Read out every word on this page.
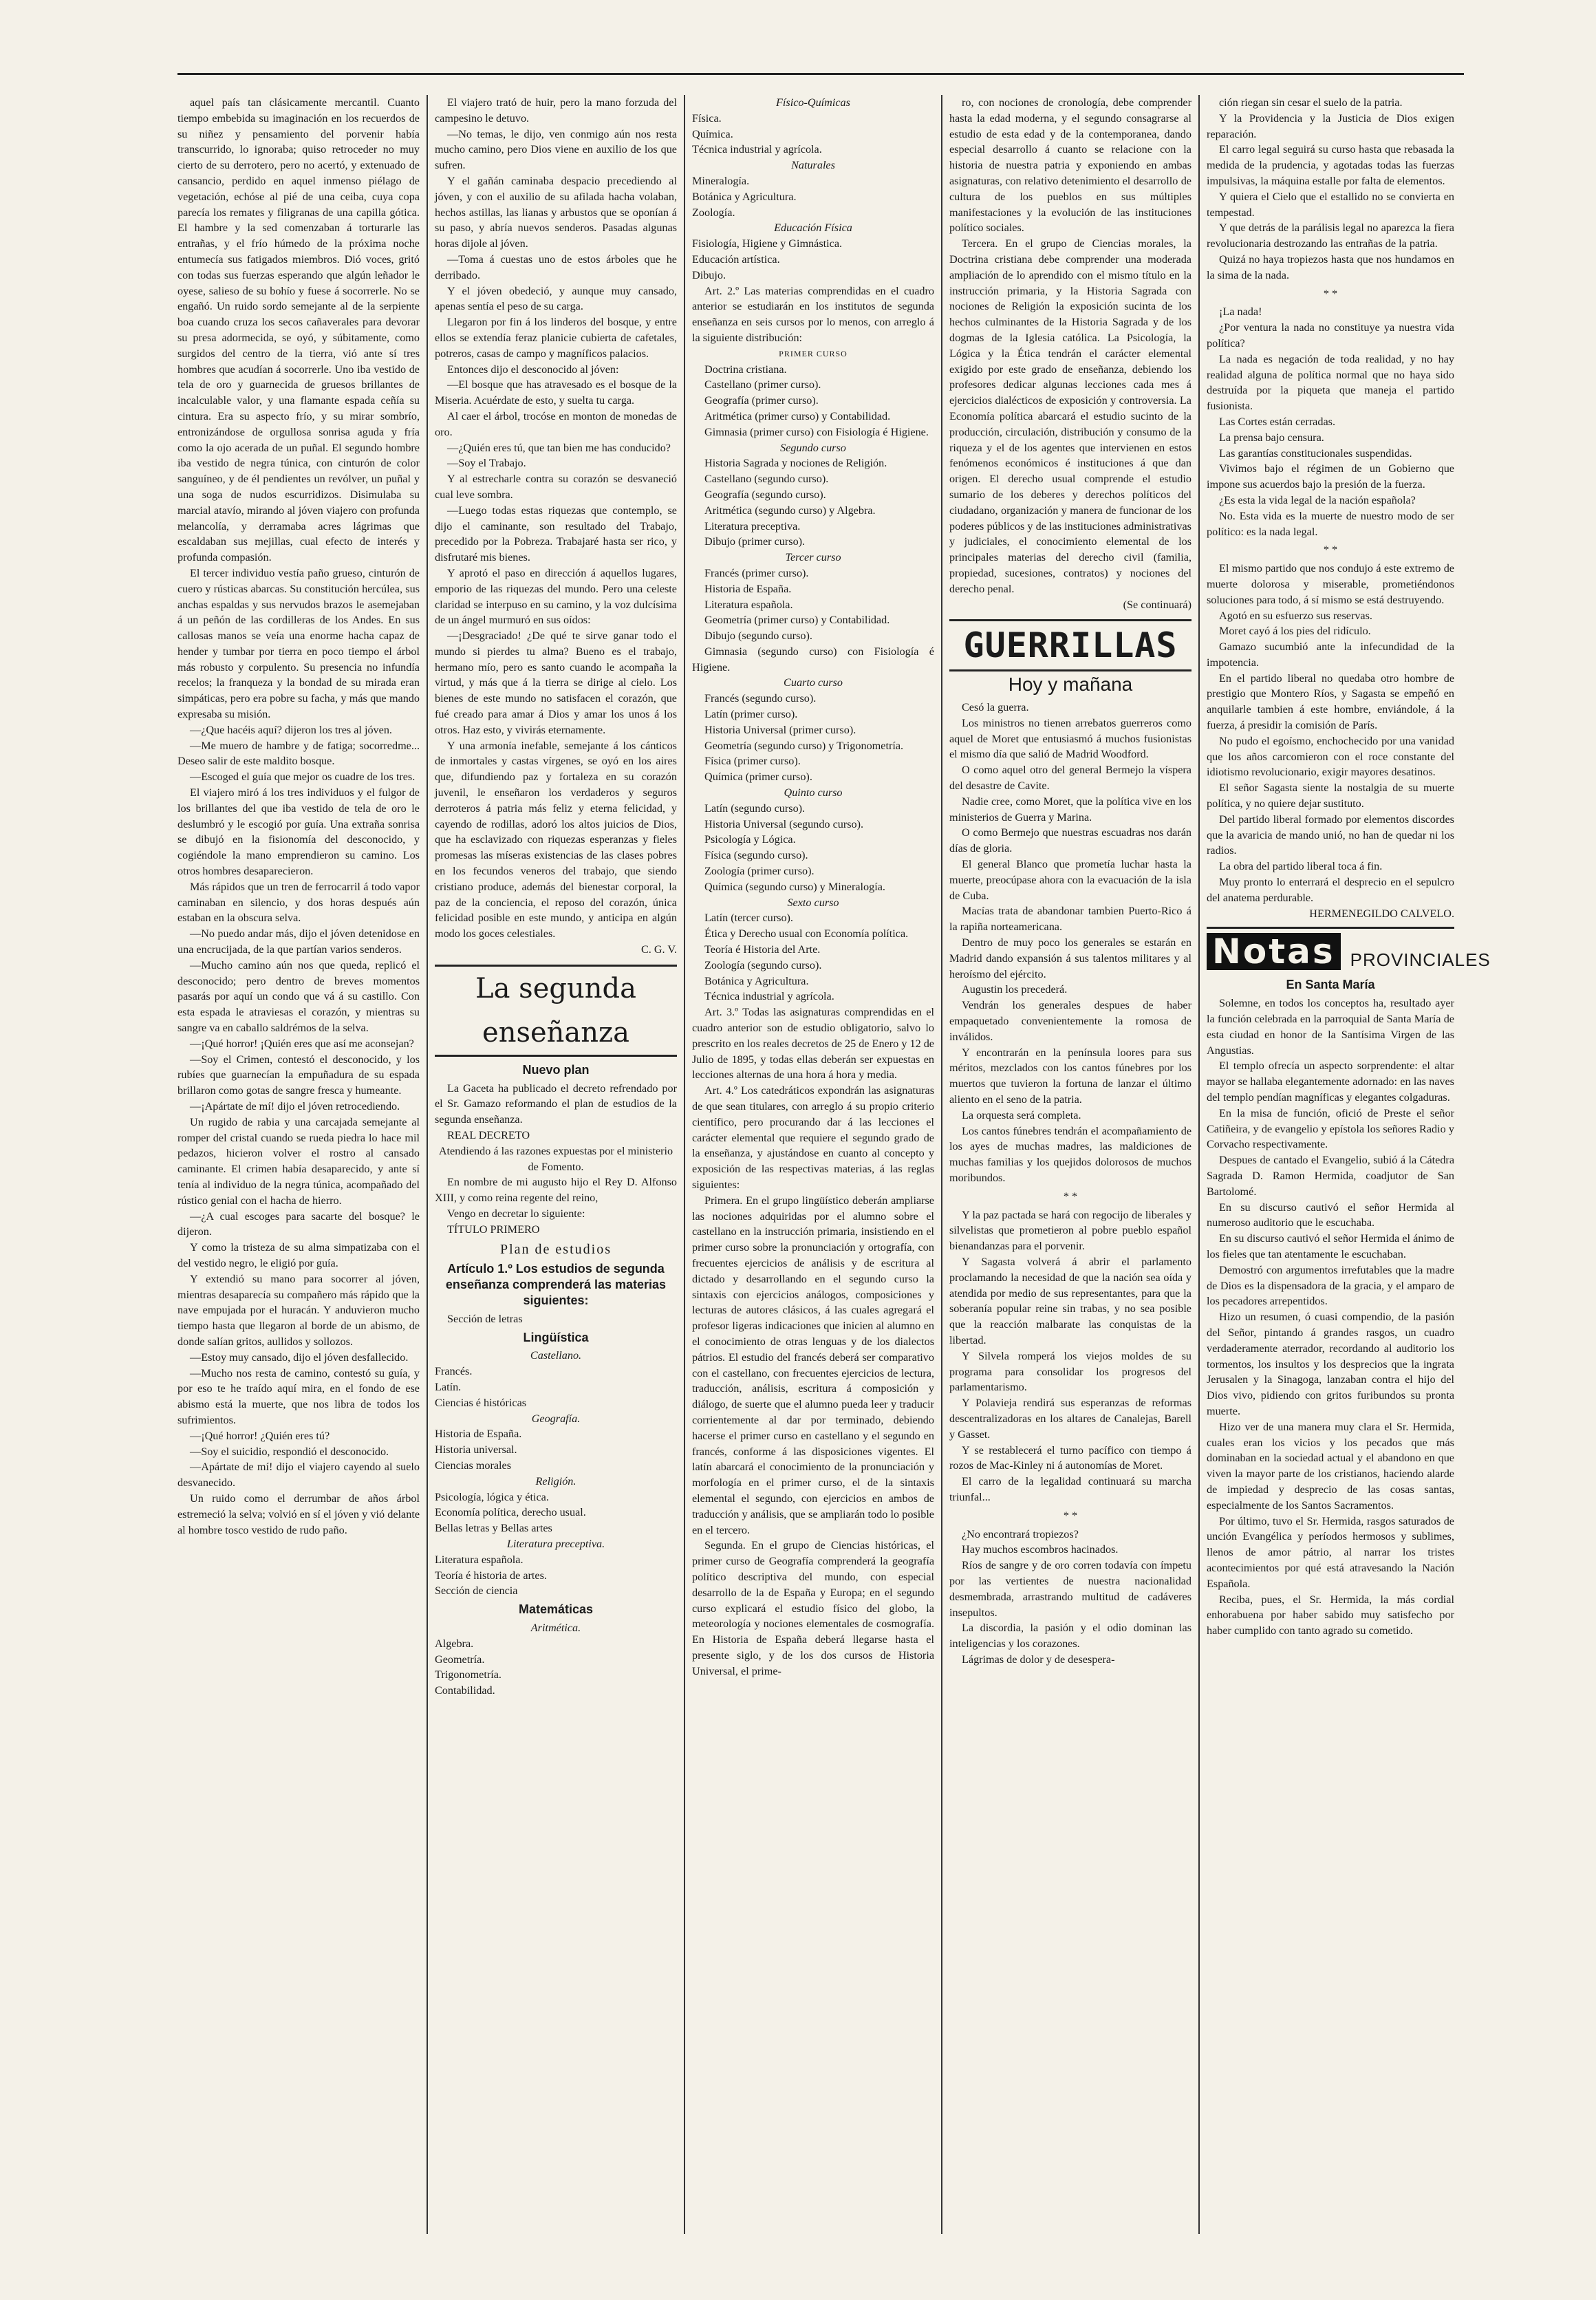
aquel país tan clásicamente mercantil. Cuanto tiempo embebida su imaginación en los recuerdos de su niñez y pensamiento del porvenir había transcurrido, lo ignoraba; quiso retroceder no muy cierto de su derrotero, pero no acertó, y extenuado de cansancio, perdido en aquel inmenso piélago de vegetación, echóse al pié de una ceiba, cuya copa parecía los remates y filigranas de una capilla gótica. El hambre y la sed comenzaban á torturarle las entrañas, y el frío húmedo de la próxima noche entumecía sus fatigados miembros. Dió voces, gritó con todas sus fuerzas esperando que algún leñador le oyese, salieso de su bohío y fuese á socorrerle. No se engañó. Un ruido sordo semejante al de la serpiente boa cuando cruza los secos cañaverales para devorar su presa adormecida, se oyó, y súbitamente, como surgidos del centro de la tierra, vió ante sí tres hombres que acudían á socorrerle. Uno iba vestido de tela de oro y guarnecida de gruesos brillantes de incalculable valor, y una flamante espada ceñía su cintura. Era su aspecto frío, y su mirar sombrío, entronizándose de orgullosa sonrisa aguda y fría como la ojo acerada de un puñal. El segundo hombre iba vestido de negra túnica, con cinturón de color sanguíneo, y de él pendientes un revólver, un puñal y una soga de nudos escurridizos. Disimulaba su marcial atavío, mirando al jóven viajero con profunda melancolía, y derramaba acres lágrimas que escaldaban sus mejillas, cual efecto de interés y profunda compasión.

El tercer individuo vestía paño grueso, cinturón de cuero y rústicas abarcas. Su constitución hercúlea, sus anchas espaldas y sus nervudos brazos le asemejaban á un peñón de las cordilleras de los Andes. En sus callosas manos se veía una enorme hacha capaz de hender y tumbar por tierra en poco tiempo el árbol más robusto y corpulento. Su presencia no infundía recelos; la franqueza y la bondad de su mirada eran simpáticas, pero era pobre su facha, y más que mando expresaba su misión.

—¿Que hacéis aquí? dijeron los tres al jóven.

—Me muero de hambre y de fatiga; socorredme... Deseo salir de este maldito bosque.

—Escoged el guía que mejor os cuadre de los tres.

El viajero miró á los tres individuos y el fulgor de los brillantes del que iba vestido de tela de oro le deslumbró y le escogió por guía. Una extraña sonrisa se dibujó en la fisionomía del desconocido, y cogiéndole la mano emprendieron su camino. Los otros hombres desaparecieron.

Más rápidos que un tren de ferrocarril á todo vapor caminaban en silencio, y dos horas después aún estaban en la obscura selva.

—No puedo andar más, dijo el jóven detenidose en una encrucijada, de la que partían varios senderos.

—Mucho camino aún nos que queda, replicó el desconocido; pero dentro de breves momentos pasarás por aquí un condo que vá á su castillo. Con esta espada le atraviesas el corazón, y mientras su sangre va en caballo saldrémos de la selva.

—¡Qué horror! ¡Quién eres que así me aconsejan?

—Soy el Crimen, contestó el desconocido, y los rubíes que guarnecían la empuñadura de su espada brillaron como gotas de sangre fresca y humeante.

—¡Apártate de mí! dijo el jóven retrocediendo.

Un rugido de rabia y una carcajada semejante al romper del cristal cuando se rueda piedra lo hace mil pedazos, hicieron volver el rostro al cansado caminante. El crimen había desaparecido, y ante sí tenía al individuo de la negra túnica, acompañado del rústico genial con el hacha de hierro.

—¿A cual escoges para sacarte del bosque? le dijeron.

Y como la tristeza de su alma simpatizaba con el del vestido negro, le eligió por guía.

Y extendió su mano para socorrer al jóven, mientras desaparecía su compañero más rápido que la nave empujada por el huracán. Y anduvieron mucho tiempo hasta que llegaron al borde de un abismo, de donde salían gritos, aullidos y sollozos.

—Estoy muy cansado, dijo el jóven desfallecido.

—Mucho nos resta de camino, contestó su guía, y por eso te he traído aquí mira, en el fondo de ese abismo está la muerte, que nos libra de todos los sufrimientos.

—¡Qué horror! ¿Quién eres tú?

—Soy el suicidio, respondió el desconocido.

—Apártate de mí! dijo el viajero cayendo al suelo desvanecido.

Un ruido como el derrumbar de años árbol estremeció la selva; volvió en sí el jóven y vió delante al hombre tosco vestido de rudo paño.

El viajero trató de huir, pero la mano forzuda del campesino le detuvo.

—No temas, le dijo, ven conmigo aún nos resta mucho camino, pero Dios viene en auxilio de los que sufren.

Y el gañán caminaba despacio precediendo al jóven, y con el auxilio de su afilada hacha volaban, hechos astillas, las lianas y arbustos que se oponían á su paso, y abría nuevos senderos. Pasadas algunas horas dijole al jóven.

—Toma á cuestas uno de estos árboles que he derribado.

Y el jóven obedeció, y aunque muy cansado, apenas sentía el peso de su carga.

Llegaron por fin á los linderos del bosque, y entre ellos se extendía feraz planicie cubierta de cafetales, potreros, casas de campo y magníficos palacios.

Entonces dijo el desconocido al jóven:

—El bosque que has atravesado es el bosque de la Miseria. Acuérdate de esto, y suelta tu carga.

Al caer el árbol, trocóse en monton de monedas de oro.

—¿Quién eres tú, que tan bien me has conducido?

—Soy el Trabajo.

Y al estrecharle contra su corazón se desvaneció cual leve sombra.

—Luego todas estas riquezas que contemplo, se dijo el caminante, son resultado del Trabajo, precedido por la Pobreza. Trabajaré hasta ser rico, y disfrutaré mis bienes.

Y aprotó el paso en dirección á aquellos lugares, emporio de las riquezas del mundo. Pero una celeste claridad se interpuso en su camino, y la voz dulcísima de un ángel murmuró en sus oídos:

—¡Desgraciado! ¿De qué te sirve ganar todo el mundo si pierdes tu alma? Bueno es el trabajo, hermano mío, pero es santo cuando le acompaña la virtud, y más que á la tierra se dirige al cielo. Los bienes de este mundo no satisfacen el corazón, que fué creado para amar á Dios y amar los unos á los otros. Haz esto, y vivirás eternamente.

Y una armonía inefable, semejante á los cánticos de inmortales y castas vírgenes, se oyó en los aires que, difundiendo paz y fortaleza en su corazón juvenil, le enseñaron los verdaderos y seguros derroteros á patria más feliz y eterna felicidad, y cayendo de rodillas, adoró los altos juicios de Dios, que ha esclavizado con riquezas esperanzas y fieles promesas las míseras existencias de las clases pobres en los fecundos veneros del trabajo, que siendo cristiano produce, además del bienestar corporal, la paz de la conciencia, el reposo del corazón, única felicidad posible en este mundo, y anticipa en algún modo los goces celestiales.

C. G. V.

La segunda enseñanza

Nuevo plan

La Gaceta ha publicado el decreto refrendado por el Sr. Gamazo reformando el plan de estudios de la segunda enseñanza.

REAL DECRETO

Atendiendo á las razones expuestas por el ministerio de Fomento.

En nombre de mi augusto hijo el Rey D. Alfonso XIII, y como reina regente del reino,

Vengo en decretar lo siguiente:

TÍTULO PRIMERO

Plan de estudios

Artículo 1.º Los estudios de segunda enseñanza comprenderá las materias siguientes:

Sección de letras

Lingüística

Castellano.

Francés.

Latín.

Ciencias é históricas

Geografía.

Historia de España.

Historia universal.

Ciencias morales

Religión.

Psicología, lógica y ética.

Economía política, derecho usual.

Bellas letras y Bellas artes

Literatura preceptiva.

Literatura española.

Teoría é historia de artes.

Sección de ciencia

Matemáticas

Aritmética.

Algebra.

Geometría.

Trigonometría.

Contabilidad.

Físico-Químicas

Física.

Química.

Técnica industrial y agrícola.

Naturales

Mineralogía.

Botánica y Agricultura.

Zoología.

Educación Física

Fisiología, Higiene y Gimnástica.

Educación artística.

Dibujo.

Art. 2.º Las materias comprendidas en el cuadro anterior se estudiarán en los institutos de segunda enseñanza en seis cursos por lo menos, con arreglo á la siguiente distribución:

PRIMER CURSO

Doctrina cristiana.

Castellano (primer curso).

Geografía (primer curso).

Aritmética (primer curso) y Contabilidad.

Gimnasia (primer curso) con Fisiología é Higiene.

Segundo curso

Historia Sagrada y nociones de Religión.

Castellano (segundo curso).

Geografía (segundo curso).

Aritmética (segundo curso) y Algebra.

Literatura preceptiva.

Dibujo (primer curso).

Tercer curso

Francés (primer curso).

Historia de España.

Literatura española.

Geometría (primer curso) y Contabilidad.

Dibujo (segundo curso).

Gimnasia (segundo curso) con Fisiología é Higiene.

Cuarto curso

Francés (segundo curso).

Latín (primer curso).

Historia Universal (primer curso).

Geometría (segundo curso) y Trigonometría.

Física (primer curso).

Química (primer curso).

Quinto curso

Latín (segundo curso).

Historia Universal (segundo curso).

Psicología y Lógica.

Física (segundo curso).

Zoología (primer curso).

Química (segundo curso) y Mineralogía.

Sexto curso

Latín (tercer curso).

Ética y Derecho usual con Economía política.

Teoría é Historia del Arte.

Zoología (segundo curso).

Botánica y Agricultura.

Técnica industrial y agrícola.

Art. 3.º Todas las asignaturas comprendidas en el cuadro anterior son de estudio obligatorio, salvo lo prescrito en los reales decretos de 25 de Enero y 12 de Julio de 1895, y todas ellas deberán ser expuestas en lecciones alternas de una hora á hora y media.

Art. 4.º Los catedráticos expondrán las asignaturas de que sean titulares, con arreglo á su propio criterio científico, pero procurando dar á las lecciones el carácter elemental que requiere el segundo grado de la enseñanza, y ajustándose en cuanto al concepto y exposición de las respectivas materias, á las reglas siguientes:

Primera. En el grupo lingüístico deberán ampliarse las nociones adquiridas por el alumno sobre el castellano en la instrucción primaria, insistiendo en el primer curso sobre la pronunciación y ortografía, con frecuentes ejercicios de análisis y de escritura al dictado y desarrollando en el segundo curso la sintaxis con ejercicios análogos, composiciones y lecturas de autores clásicos, á las cuales agregará el profesor ligeras indicaciones que inicien al alumno en el conocimiento de otras lenguas y de los dialectos pátrios. El estudio del francés deberá ser comparativo con el castellano, con frecuentes ejercicios de lectura, traducción, análisis, escritura á composición y diálogo, de suerte que el alumno pueda leer y traducir corrientemente al dar por terminado, debiendo hacerse el primer curso en castellano y el segundo en francés, conforme á las disposiciones vigentes. El latín abarcará el conocimiento de la pronunciación y morfología en el primer curso, el de la sintaxis elemental el segundo, con ejercicios en ambos de traducción y análisis, que se ampliarán todo lo posible en el tercero.

Segunda. En el grupo de Ciencias históricas, el primer curso de Geografía comprenderá la geografía político descriptiva del mundo, con especial desarrollo de la de España y Europa; en el segundo curso explicará el estudio físico del globo, la meteorología y nociones elementales de cosmografía. En Historia de España deberá llegarse hasta el presente siglo, y de los dos cursos de Historia Universal, el prime-

ro, con nociones de cronología, debe comprender hasta la edad moderna, y el segundo consagrarse al estudio de esta edad y de la contemporanea, dando especial desarrollo á cuanto se relacione con la historia de nuestra patria y exponiendo en ambas asignaturas, con relativo detenimiento el desarrollo de cultura de los pueblos en sus múltiples manifestaciones y la evolución de las instituciones político sociales.

Tercera. En el grupo de Ciencias morales, la Doctrina cristiana debe comprender una moderada ampliación de lo aprendido con el mismo título en la instrucción primaria, y la Historia Sagrada con nociones de Religión la exposición sucinta de los hechos culminantes de la Historia Sagrada y de los dogmas de la Iglesia católica. La Psicología, la Lógica y la Ética tendrán el carácter elemental exigido por este grado de enseñanza, debiendo los profesores dedicar algunas lecciones cada mes á ejercicios dialécticos de exposición y controversia. La Economía política abarcará el estudio sucinto de la producción, circulación, distribución y consumo de la riqueza y el de los agentes que intervienen en estos fenómenos económicos é instituciones á que dan origen. El derecho usual comprende el estudio sumario de los deberes y derechos políticos del ciudadano, organización y manera de funcionar de los poderes públicos y de las instituciones administrativas y judiciales, el conocimiento elemental de los principales materias del derecho civil (familia, propiedad, sucesiones, contratos) y nociones del derecho penal.

(Se continuará)

GUERRILLAS
Hoy y mañana

Cesó la guerra.

Los ministros no tienen arrebatos guerreros como aquel de Moret que entusiasmó á muchos fusionistas el mismo día que salió de Madrid Woodford.

O como aquel otro del general Bermejo la víspera del desastre de Cavite.

Nadie cree, como Moret, que la política vive en los ministerios de Guerra y Marina.

O como Bermejo que nuestras escuadras nos darán días de gloria.

El general Blanco que prometía luchar hasta la muerte, preocúpase ahora con la evacuación de la isla de Cuba.

Macías trata de abandonar tambien Puerto-Rico á la rapiña norteamericana.

Dentro de muy poco los generales se estarán en Madrid dando expansión á sus talentos militares y al heroísmo del ejército.

Augustin los precederá.

Vendrán los generales despues de haber empaquetado convenientemente la romosa de inválidos.

Y encontrarán en la península loores para sus méritos, mezclados con los cantos fúnebres por los muertos que tuvieron la fortuna de lanzar el último aliento en el seno de la patria.

La orquesta será completa.

Los cantos fúnebres tendrán el acompañamiento de los ayes de muchas madres, las maldiciones de muchas familias y los quejidos dolorosos de muchos moribundos.

* *

Y la paz pactada se hará con regocijo de liberales y silvelistas que prometieron al pobre pueblo español bienandanzas para el porvenir.

Y Sagasta volverá á abrir el parlamento proclamando la necesidad de que la nación sea oída y atendida por medio de sus representantes, para que la soberanía popular reine sin trabas, y no sea posible que la reacción malbarate las conquistas de la libertad.

Y Silvela romperá los viejos moldes de su programa para consolidar los progresos del parlamentarismo.

Y Polavieja rendirá sus esperanzas de reformas descentralizadoras en los altares de Canalejas, Barell y Gasset.

Y se restablecerá el turno pacífico con tiempo á rozos de Mac-Kinley ni á autonomías de Moret.

El carro de la legalidad continuará su marcha triunfal...

* *

¿No encontrará tropiezos?

Hay muchos escombros hacinados.

Ríos de sangre y de oro corren todavía con ímpetu por las vertientes de nuestra nacionalidad desmembrada, arrastrando multitud de cadáveres insepultos.

La discordia, la pasión y el odio dominan las inteligencias y los corazones.

Lágrimas de dolor y de desespera-

ción riegan sin cesar el suelo de la patria.

Y la Providencia y la Justicia de Dios exigen reparación.

El carro legal seguirá su curso hasta que rebasada la medida de la prudencia, y agotadas todas las fuerzas impulsivas, la máquina estalle por falta de elementos.

Y quiera el Cielo que el estallido no se convierta en tempestad.

Y que detrás de la parálisis legal no aparezca la fiera revolucionaria destrozando las entrañas de la patria.

Quizá no haya tropiezos hasta que nos hundamos en la sima de la nada.

* *

¡La nada!

¿Por ventura la nada no constituye ya nuestra vida política?

La nada es negación de toda realidad, y no hay realidad alguna de política normal que no haya sido destruída por la piqueta que maneja el partido fusionista.

Las Cortes están cerradas.

La prensa bajo censura.

Las garantías constitucionales suspendidas.

Vivimos bajo el régimen de un Gobierno que impone sus acuerdos bajo la presión de la fuerza.

¿Es esta la vida legal de la nación española?

No. Esta vida es la muerte de nuestro modo de ser político: es la nada legal.

* *

El mismo partido que nos condujo á este extremo de muerte dolorosa y miserable, prometiéndonos soluciones para todo, á sí mismo se está destruyendo.

Agotó en su esfuerzo sus reservas.

Moret cayó á los pies del ridículo.

Gamazo sucumbió ante la infecundidad de la impotencia.

En el partido liberal no quedaba otro hombre de prestigio que Montero Ríos, y Sagasta se empeñó en anquilarle tambien á este hombre, enviándole, á la fuerza, á presidir la comisión de París.

No pudo el egoísmo, enchochecido por una vanidad que los años carcomieron con el roce constante del idiotismo revolucionario, exigir mayores desatinos.

El señor Sagasta siente la nostalgia de su muerte política, y no quiere dejar sustituto.

Del partido liberal formado por elementos discordes que la avaricia de mando unió, no han de quedar ni los radios.

La obra del partido liberal toca á fin.

Muy pronto lo enterrará el desprecio en el sepulcro del anatema perdurable.

HERMENEGILDO CALVELO.

Notas PROVINCIALES

En Santa María

Solemne, en todos los conceptos ha, resultado ayer la función celebrada en la parroquial de Santa María de esta ciudad en honor de la Santísima Virgen de las Angustias.

El templo ofrecía un aspecto sorprendente: el altar mayor se hallaba elegantemente adornado: en las naves del templo pendían magníficas y elegantes colgaduras.

En la misa de función, ofició de Preste el señor Catiñeira, y de evangelio y epístola los señores Radio y Corvacho respectivamente.

Despues de cantado el Evangelio, subió á la Cátedra Sagrada D. Ramon Hermida, coadjutor de San Bartolomé.

En su discurso cautivó el señor Hermida al numeroso auditorio que le escuchaba.

En su discurso cautivó el señor Hermida el ánimo de los fieles que tan atentamente le escuchaban.

Demostró con argumentos irrefutables que la madre de Dios es la dispensadora de la gracia, y el amparo de los pecadores arrepentidos.

Hizo un resumen, ó cuasi compendio, de la pasión del Señor, pintando á grandes rasgos, un cuadro verdaderamente aterrador, recordando al auditorio los tormentos, los insultos y los desprecios que la ingrata Jerusalen y la Sinagoga, lanzaban contra el hijo del Dios vivo, pidiendo con gritos furibundos su pronta muerte.

Hizo ver de una manera muy clara el Sr. Hermida, cuales eran los vicios y los pecados que más dominaban en la sociedad actual y el abandono en que viven la mayor parte de los cristianos, haciendo alarde de impiedad y desprecio de las cosas santas, especialmente de los Santos Sacramentos.

Por último, tuvo el Sr. Hermida, rasgos saturados de unción Evangélica y períodos hermosos y sublimes, llenos de amor pátrio, al narrar los tristes acontecimientos por qué está atravesando la Nación Española.

Reciba, pues, el Sr. Hermida, la más cordial enhorabuena por haber sabido muy satisfecho por haber cumplido con tanto agrado su cometido.
